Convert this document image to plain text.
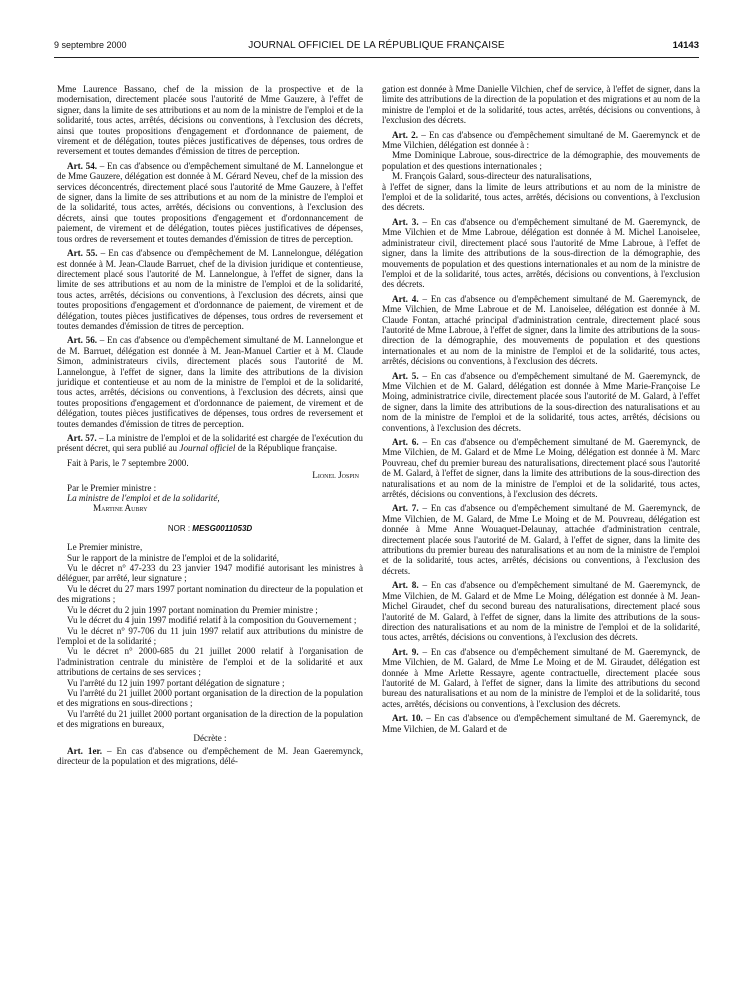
9 septembre 2000	JOURNAL OFFICIEL DE LA RÉPUBLIQUE FRANÇAISE	14143

Mme Laurence Bassano, chef de la mission de la prospective et de la modernisation, directement placée sous l'autorité de Mme Gauzere, à l'effet de signer, dans la limite de ses attributions et au nom de la ministre de l'emploi et de la solidarité, tous actes, arrêtés, décisions ou conventions, à l'exclusion des décrets, ainsi que toutes propositions d'engagement et d'ordonnance de paiement, de virement et de délégation, toutes pièces justificatives de dépenses, tous ordres de reversement et toutes demandes d'émission de titres de perception.

Art. 54. – En cas d'absence ou d'empêchement simultané de M. Lannelongue et de Mme Gauzere, délégation est donnée à M. Gérard Neveu, chef de la mission des services déconcentrés, directement placé sous l'autorité de Mme Gauzere, à l'effet de signer, dans la limite de ses attributions et au nom de la ministre de l'emploi et de la solidarité, tous actes, arrêtés, décisions ou conventions, à l'exclusion des décrets, ainsi que toutes propositions d'engagement et d'ordonnancement de paiement, de virement et de délégation, toutes pièces justificatives de dépenses, tous ordres de reversement et toutes demandes d'émission de titres de perception.

Art. 55. – En cas d'absence ou d'empêchement de M. Lannelongue, délégation est donnée à M. Jean-Claude Barruet, chef de la division juridique et contentieuse, directement placé sous l'autorité de M. Lannelongue, à l'effet de signer, dans la limite de ses attributions et au nom de la ministre de l'emploi et de la solidarité, tous actes, arrêtés, décisions ou conventions, à l'exclusion des décrets, ainsi que toutes propositions d'engagement et d'ordonnance de paiement, de virement et de délégation, toutes pièces justificatives de dépenses, tous ordres de reversement et toutes demandes d'émission de titres de perception.

Art. 56. – En cas d'absence ou d'empêchement simultané de M. Lannelongue et de M. Barruet, délégation est donnée à M. Jean-Manuel Cartier et à M. Claude Simon, administrateurs civils, directement placés sous l'autorité de M. Lannelongue, à l'effet de signer, dans la limite des attributions de la division juridique et contentieuse et au nom de la ministre de l'emploi et de la solidarité, tous actes, arrêtés, décisions ou conventions, à l'exclusion des décrets, ainsi que toutes propositions d'engagement et d'ordonnance de paiement, de virement et de délégation, toutes pièces justificatives de dépenses, tous ordres de reversement et toutes demandes d'émission de titres de perception.

Art. 57. – La ministre de l'emploi et de la solidarité est chargée de l'exécution du présent décret, qui sera publié au Journal officiel de la République française.

Fait à Paris, le 7 septembre 2000.

Lionel Jospin

Par le Premier ministre :

La ministre de l'emploi et de la solidarité,

Martine Aubry

NOR : MESG0011053D

Le Premier ministre,

Sur le rapport de la ministre de l'emploi et de la solidarité,

Vu le décret n° 47-233 du 23 janvier 1947 modifié autorisant les ministres à déléguer, par arrêté, leur signature ;

Vu le décret du 27 mars 1997 portant nomination du directeur de la population et des migrations ;

Vu le décret du 2 juin 1997 portant nomination du Premier ministre ;

Vu le décret du 4 juin 1997 modifié relatif à la composition du Gouvernement ;

Vu le décret n° 97-706 du 11 juin 1997 relatif aux attributions du ministre de l'emploi et de la solidarité ;

Vu le décret n° 2000-685 du 21 juillet 2000 relatif à l'organisation de l'administration centrale du ministère de l'emploi et de la solidarité et aux attributions de certains de ses services ;

Vu l'arrêté du 12 juin 1997 portant délégation de signature ;

Vu l'arrêté du 21 juillet 2000 portant organisation de la direction de la population et des migrations en sous-directions ;

Vu l'arrêté du 21 juillet 2000 portant organisation de la direction de la population et des migrations en bureaux,

Décrète :

Art. 1er. – En cas d'absence ou d'empêchement de M. Jean Gaeremynck, directeur de la population et des migrations, délé-

gation est donnée à Mme Danielle Vilchien, chef de service, à l'effet de signer, dans la limite des attributions de la direction de la population et des migrations et au nom de la ministre de l'emploi et de la solidarité, tous actes, arrêtés, décisions ou conventions, à l'exclusion des décrets.

Art. 2. – En cas d'absence ou d'empêchement simultané de M. Gaeremynck et de Mme Vilchien, délégation est donnée à :

Mme Dominique Labroue, sous-directrice de la démographie, des mouvements de population et des questions internationales ;

M. François Galard, sous-directeur des naturalisations,

à l'effet de signer, dans la limite de leurs attributions et au nom de la ministre de l'emploi et de la solidarité, tous actes, arrêtés, décisions ou conventions, à l'exclusion des décrets.

Art. 3. – En cas d'absence ou d'empêchement simultané de M. Gaeremynck, de Mme Vilchien et de Mme Labroue, délégation est donnée à M. Michel Lanoiselee, administrateur civil, directement placé sous l'autorité de Mme Labroue, à l'effet de signer, dans la limite des attributions de la sous-direction de la démographie, des mouvements de population et des questions internationales et au nom de la ministre de l'emploi et de la solidarité, tous actes, arrêtés, décisions ou conventions, à l'exclusion des décrets.

Art. 4. – En cas d'absence ou d'empêchement simultané de M. Gaeremynck, de Mme Vilchien, de Mme Labroue et de M. Lanoiselee, délégation est donnée à M. Claude Fontan, attaché principal d'administration centrale, directement placé sous l'autorité de Mme Labroue, à l'effet de signer, dans la limite des attributions de la sous-direction de la démographie, des mouvements de population et des questions internationales et au nom de la ministre de l'emploi et de la solidarité, tous actes, arrêtés, décisions ou conventions, à l'exclusion des décrets.

Art. 5. – En cas d'absence ou d'empêchement simultané de M. Gaeremynck, de Mme Vilchien et de M. Galard, délégation est donnée à Mme Marie-Françoise Le Moing, administratrice civile, directement placée sous l'autorité de M. Galard, à l'effet de signer, dans la limite des attributions de la sous-direction des naturalisations et au nom de la ministre de l'emploi et de la solidarité, tous actes, arrêtés, décisions ou conventions, à l'exclusion des décrets.

Art. 6. – En cas d'absence ou d'empêchement simultané de M. Gaeremynck, de Mme Vilchien, de M. Galard et de Mme Le Moing, délégation est donnée à M. Marc Pouvreau, chef du premier bureau des naturalisations, directement placé sous l'autorité de M. Galard, à l'effet de signer, dans la limite des attributions de la sous-direction des naturalisations et au nom de la ministre de l'emploi et de la solidarité, tous actes, arrêtés, décisions ou conventions, à l'exclusion des décrets.

Art. 7. – En cas d'absence ou d'empêchement simultané de M. Gaeremynck, de Mme Vilchien, de M. Galard, de Mme Le Moing et de M. Pouvreau, délégation est donnée à Mme Anne Wouaquet-Delaunay, attachée d'administration centrale, directement placée sous l'autorité de M. Galard, à l'effet de signer, dans la limite des attributions du premier bureau des naturalisations et au nom de la ministre de l'emploi et de la solidarité, tous actes, arrêtés, décisions ou conventions, à l'exclusion des décrets.

Art. 8. – En cas d'absence ou d'empêchement simultané de M. Gaeremynck, de Mme Vilchien, de M. Galard et de Mme Le Moing, délégation est donnée à M. Jean-Michel Giraudet, chef du second bureau des naturalisations, directement placé sous l'autorité de M. Galard, à l'effet de signer, dans la limite des attributions de la sous-direction des naturalisations et au nom de la ministre de l'emploi et de la solidarité, tous actes, arrêtés, décisions ou conventions, à l'exclusion des décrets.

Art. 9. – En cas d'absence ou d'empêchement simultané de M. Gaeremynck, de Mme Vilchien, de M. Galard, de Mme Le Moing et de M. Giraudet, délégation est donnée à Mme Arlette Ressayre, agente contractuelle, directement placée sous l'autorité de M. Galard, à l'effet de signer, dans la limite des attributions du second bureau des naturalisations et au nom de la ministre de l'emploi et de la solidarité, tous actes, arrêtés, décisions ou conventions, à l'exclusion des décrets.

Art. 10. – En cas d'absence ou d'empêchement simultané de M. Gaeremynck, de Mme Vilchien, de M. Galard et de
